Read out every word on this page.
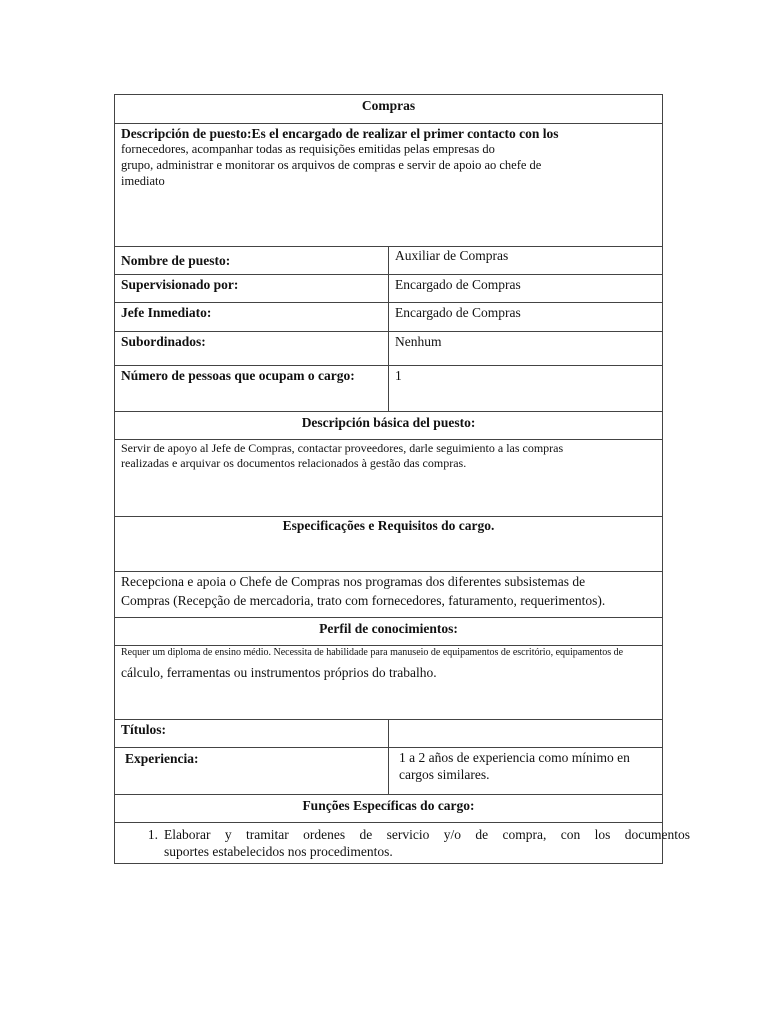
Compras	

Descripción de puesto:Es el encargado de realizar el primer contacto con los
fornecedores, acompanhar todas as requisições emitidas pelas empresas do
grupo, administrar e monitorar os arquivos de compras e servir de apoio ao chefe de
imediato	

Nombre de puesto:	Auxiliar de Compras
Supervisionado por:	Encargado de Compras
Jefe Inmediato:	Encargado de Compras
Subordinados:	Nenhum
Número de pessoas que ocupam o cargo:	1
Descripción básica del puesto:	

Servir de apoyo al Jefe de Compras, contactar proveedores, darle seguimiento a las compras
realizadas e arquivar os documentos relacionados à gestão das compras.	

Especificações e Requisitos do cargo.	

Recepciona e apoia o Chefe de Compras nos programas dos diferentes subsistemas de
Compras (Recepção de mercadoria, trato com fornecedores, faturamento, requerimentos).	

Perfil de conocimientos:	

Requer um diploma de ensino médio. Necessita de habilidade para manuseio de equipamentos de escritório, equipamentos de
cálculo, ferramentas ou instrumentos próprios do trabalho.	

Títulos:	
Experiencia:	1 a 2 años de experiencia como mínimo en
cargos similares.

Funções Específicas do cargo:	

1. Elaborar y tramitar ordenes de servicio y/o de compra, con los documentos
suportes estabelecidos nos procedimentos.	
